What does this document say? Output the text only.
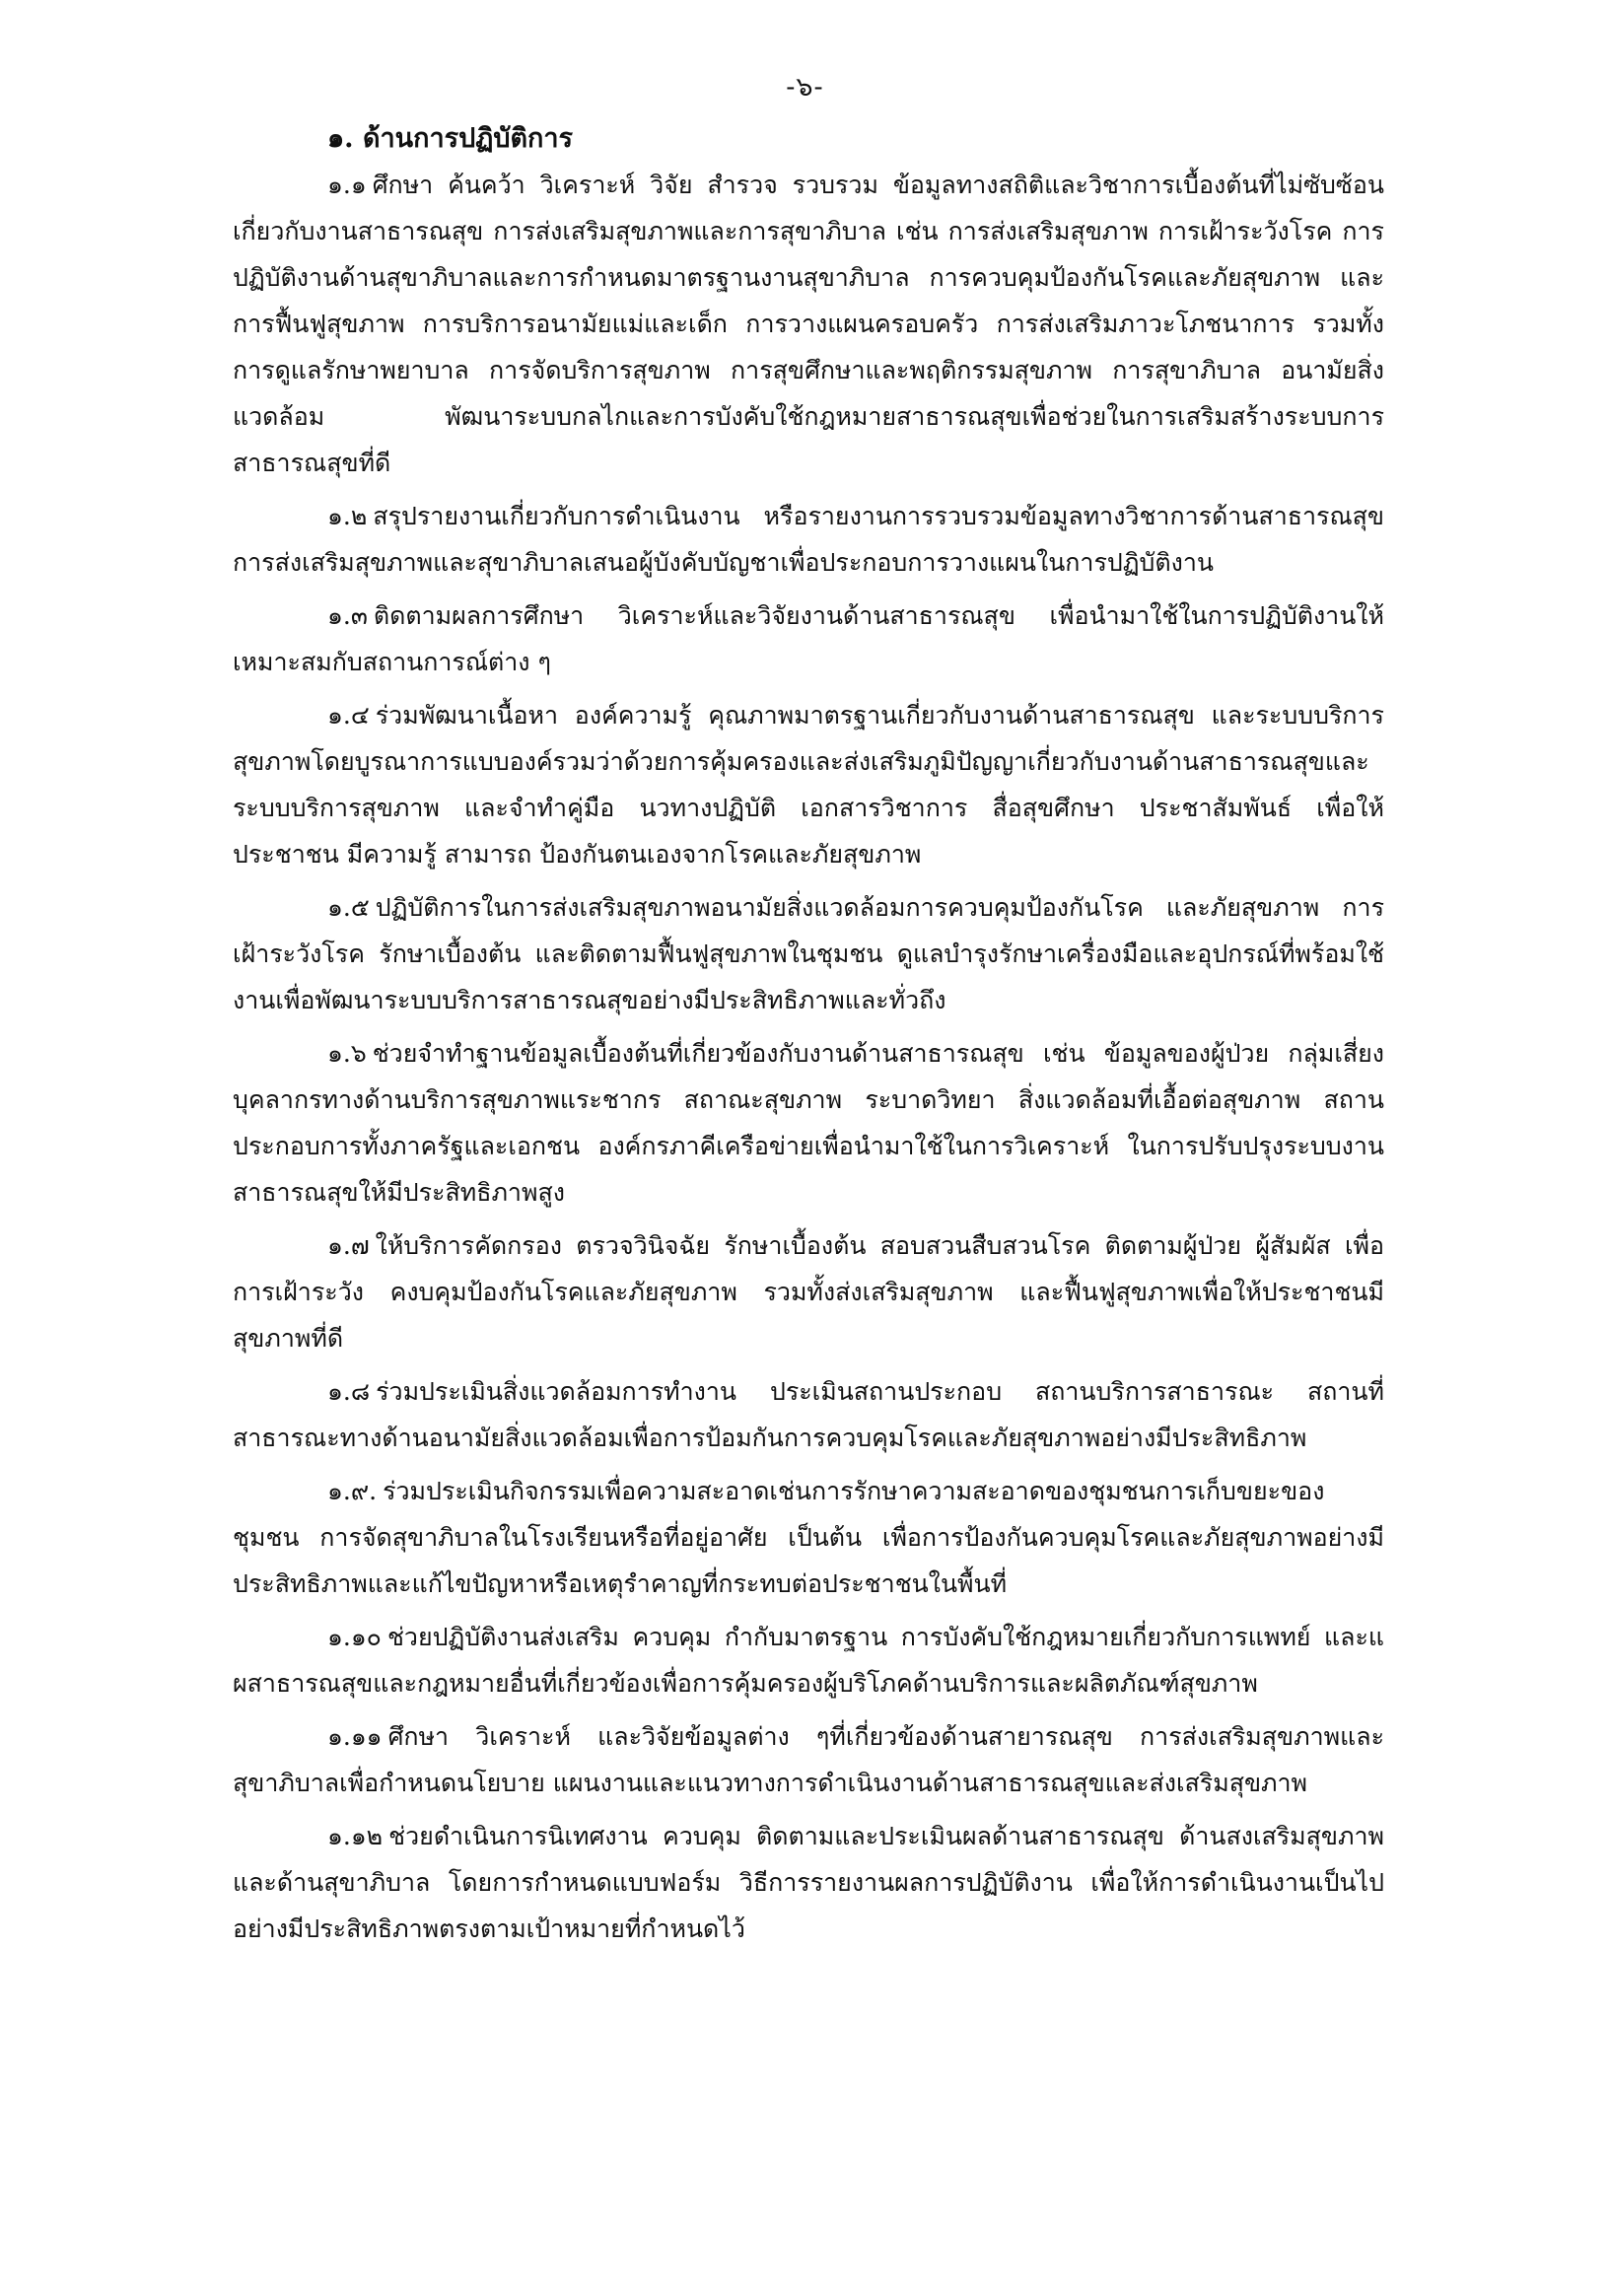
-๖-
๑. ด้านการปฏิบัติการ

๑.๑ ศึกษา ค้นคว้า วิเคราะห์ วิจัย สำรวจ รวบรวม ข้อมูลทางสถิติและวิชาการเบื้องต้นที่ไม่ซับซ้อนเกี่ยวกับงานสาธารณสุข การส่งเสริมสุขภาพและการสุขาภิบาล เช่น การส่งเสริมสุขภาพ การเฝ้าระวังโรค การปฏิบัติงานด้านสุขาภิบาลและการกำหนดมาตรฐานงานสุขาภิบาล การควบคุมป้องกันโรคและภัยสุขภาพ และการฟื้นฟูสุขภาพ การบริการอนามัยแม่และเด็ก การวางแผนครอบครัว การส่งเสริมภาวะโภชนาการ รวมทั้งการดูแลรักษาพยาบาล การจัดบริการสุขภาพ การสุขศึกษาและพฤติกรรมสุขภาพ การสุขาภิบาล อนามัยสิ่งแวดล้อม พัฒนาระบบกลไกและการบังคับใช้กฎหมายสาธารณสุขเพื่อช่วยในการเสริมสร้างระบบการสาธารณสุขที่ดี

๑.๒ สรุปรายงานเกี่ยวกับการดำเนินงาน หรือรายงานการรวบรวมข้อมูลทางวิชาการด้านสาธารณสุขการส่งเสริมสุขภาพและสุขาภิบาลเสนอผู้บังคับบัญชาเพื่อประกอบการวางแผนในการปฏิบัติงาน

๑.๓ ติดตามผลการศึกษา วิเคราะห์และวิจัยงานด้านสาธารณสุข เพื่อนำมาใช้ในการปฏิบัติงานให้เหมาะสมกับสถานการณ์ต่าง ๆ

๑.๔ ร่วมพัฒนาเนื้อหา องค์ความรู้ คุณภาพมาตรฐานเกี่ยวกับงานด้านสาธารณสุข และระบบบริการสุขภาพโดยบูรณาการแบบองค์รวมว่าด้วยการคุ้มครองและส่งเสริมภูมิปัญญาเกี่ยวกับงานด้านสาธารณสุขและระบบบริการสุขภาพ และจำทำคู่มือ นวทางปฏิบัติ เอกสารวิชาการ สื่อสุขศึกษา ประชาสัมพันธ์ เพื่อให้ประชาชน มีความรู้ สามารถ ป้องกันตนเองจากโรคและภัยสุขภาพ

๑.๕ ปฏิบัติการในการส่งเสริมสุขภาพอนามัยสิ่งแวดล้อมการควบคุมป้องกันโรค และภัยสุขภาพ การเฝ้าระวังโรค รักษาเบื้องต้น และติดตามฟื้นฟูสุขภาพในชุมชน ดูแลบำรุงรักษาเครื่องมือและอุปกรณ์ที่พร้อมใช้งานเพื่อพัฒนาระบบบริการสาธารณสุขอย่างมีประสิทธิภาพและทั่วถึง

๑.๖ ช่วยจำทำฐานข้อมูลเบื้องต้นที่เกี่ยวข้องกับงานด้านสาธารณสุข เช่น ข้อมูลของผู้ป่วย กลุ่มเสี่ยง บุคลากรทางด้านบริการสุขภาพแระชากร สถาณะสุขภาพ ระบาดวิทยา สิ่งแวดล้อมที่เอื้อต่อสุขภาพ สถานประกอบการทั้งภาครัฐและเอกชน องค์กรภาคีเครือข่ายเพื่อนำมาใช้ในการวิเคราะห์ ในการปรับปรุงระบบงานสาธารณสุขให้มีประสิทธิภาพสูง

๑.๗ ให้บริการคัดกรอง ตรวจวินิจฉัย รักษาเบื้องต้น สอบสวนสืบสวนโรค ติดตามผู้ป่วย ผู้สัมผัส เพื่อการเฝ้าระวัง คงบคุมป้องกันโรคและภัยสุขภาพ รวมทั้งส่งเสริมสุขภาพ และฟื้นฟูสุขภาพเพื่อให้ประชาชนมีสุขภาพที่ดี

๑.๘ ร่วมประเมินสิ่งแวดล้อมการทำงาน ประเมินสถานประกอบ สถานบริการสาธารณะ สถานที่สาธารณะทางด้านอนามัยสิ่งแวดล้อมเพื่อการป้อมกันการควบคุมโรคและภัยสุขภาพอย่างมีประสิทธิภาพ

๑.๙. ร่วมประเมินกิจกรรมเพื่อความสะอาดเช่นการรักษาความสะอาดของชุมชนการเก็บขยะของชุมชน การจัดสุขาภิบาลในโรงเรียนหรือที่อยู่อาศัย เป็นต้น เพื่อการป้องกันควบคุมโรคและภัยสุขภาพอย่างมีประสิทธิภาพและแก้ไขปัญหาหรือเหตุรำคาญที่กระทบต่อประชาชนในพื้นที่

๑.๑๐ ช่วยปฏิบัติงานส่งเสริม ควบคุม กำกับมาตรฐาน การบังคับใช้กฎหมายเกี่ยวกับการแพทย์ และแ ผสาธารณสุขและกฎหมายอื่นที่เกี่ยวข้องเพื่อการคุ้มครองผู้บริโภคด้านบริการและผลิตภัณฑ์สุขภาพ

๑.๑๑ ศึกษา วิเคราะห์ และวิจัยข้อมูลต่าง ๆที่เกี่ยวข้องด้านสายารณสุข การส่งเสริมสุขภาพและสุขาภิบาลเพื่อกำหนดนโยบาย แผนงานและแนวทางการดำเนินงานด้านสาธารณสุขและส่งเสริมสุขภาพ

๑.๑๒ ช่วยดำเนินการนิเทศงาน ควบคุม ติดตามและประเมินผลด้านสาธารณสุข ด้านสงเสริมสุขภาพและด้านสุขาภิบาล โดยการกำหนดแบบฟอร์ม วิธีการรายงานผลการปฏิบัติงาน เพื่อให้การดำเนินงานเป็นไปอย่างมีประสิทธิภาพตรงตามเป้าหมายที่กำหนดไว้
